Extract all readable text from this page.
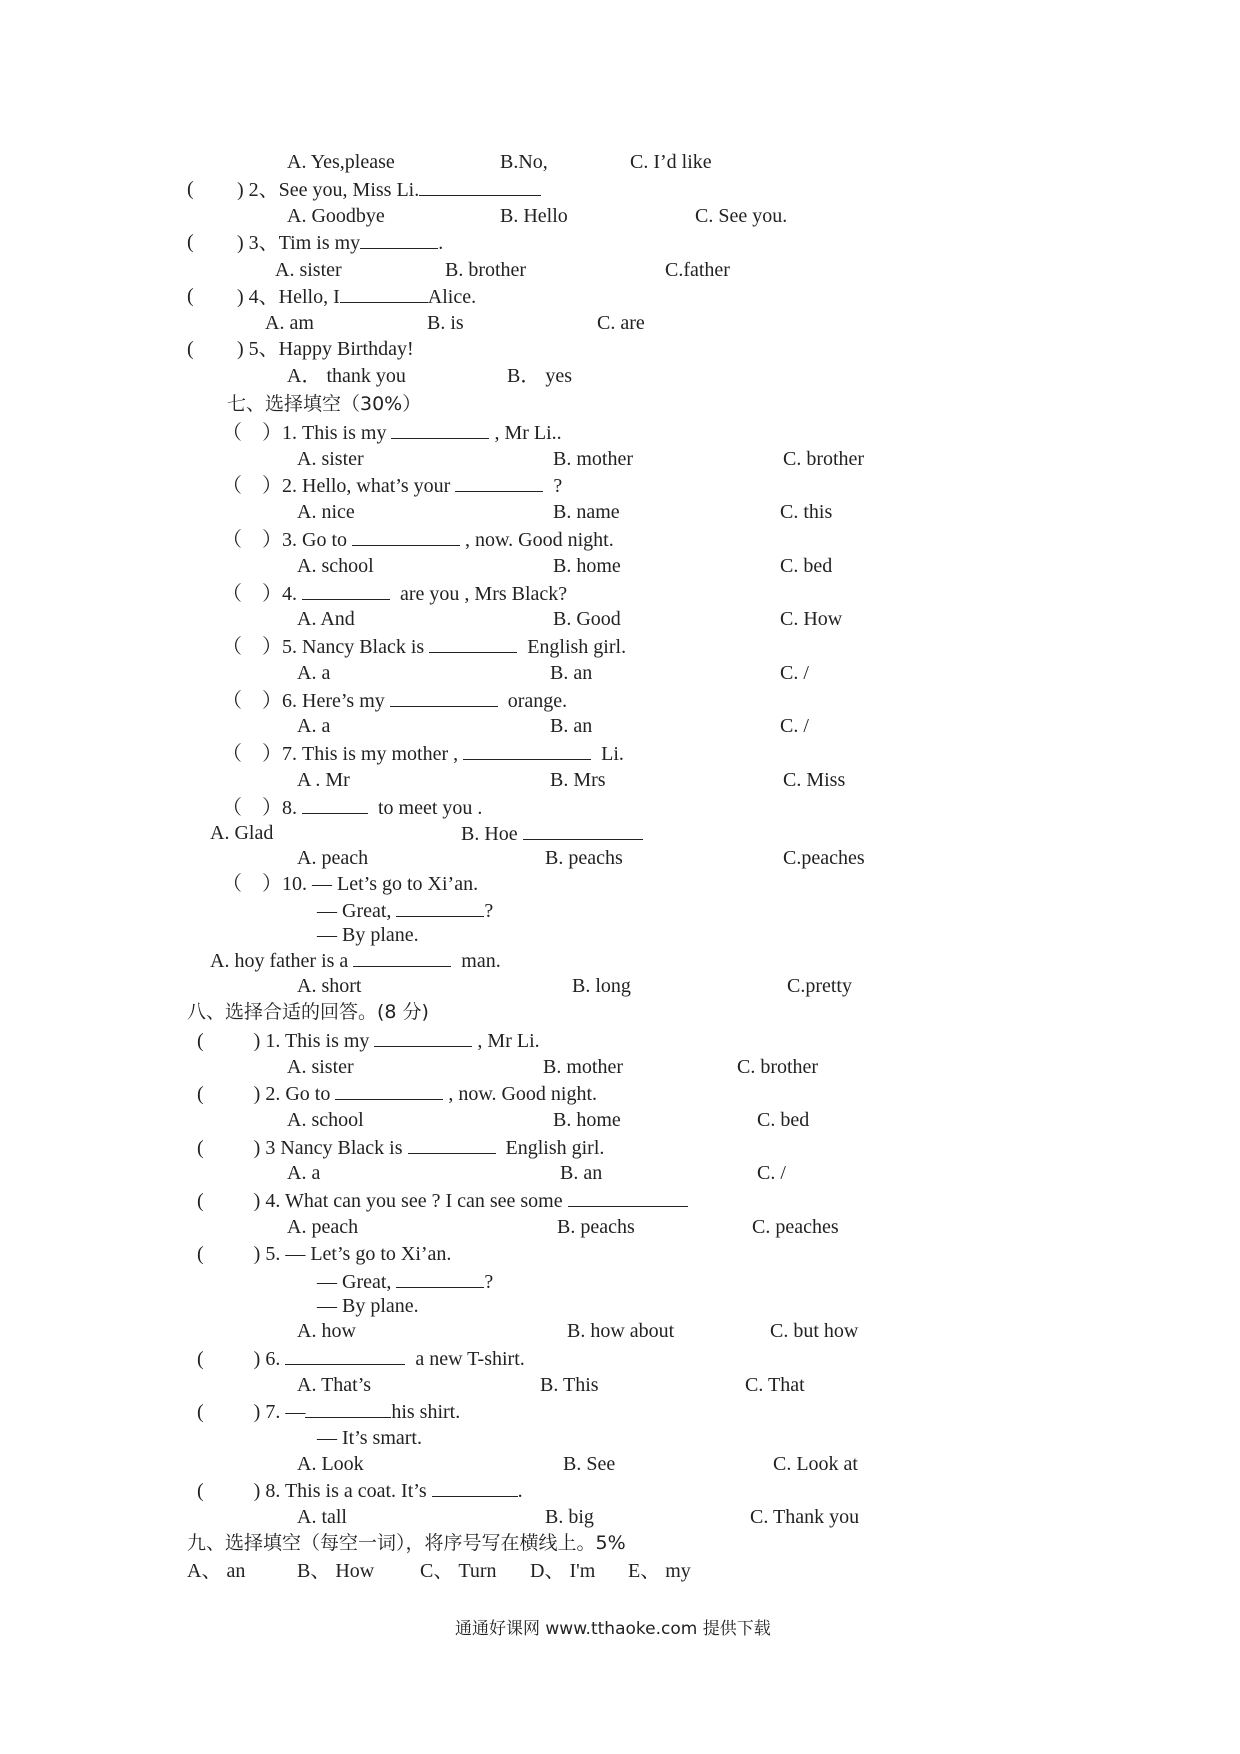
A. Yes,please	B.No,	C. I’d like
( ) 2、See you, Miss Li.
A. Goodbye	B. Hello	C. See you.
( ) 3、Tim is my	.
A. sister	B. brother	C.father
( ) 4、Hello, I	Alice.
A. am	B. is	C. are
( ) 5、Happy Birthday!
A． thank you	B． yes
七、选择填空（30%）
（    ）1. This is my	, Mr Li..
A. sister	B. mother	C. brother
（    ）2. Hello, what’s your	?
A. nice	B. name	C. this
（    ）3. Go to	, now. Good night.
A. school	B. home	C. bed
（    ）4.	are you , Mrs Black?
A. And	B. Good	C. How
（    ）5. Nancy Black is	English girl.
A. a	B. an	C. /
（    ）6. Here’s my	orange.
A. a	B. an	C. /
（    ）7. This is my mother ,	Li.
A . Mr	B. Mrs	C. Miss
（    ）8.	to meet you .
A. Glad	B. Hoe
A. peach	B. peachs	C.peaches
（    ）10. — Let’s go to Xi’an.
— Great,	?
— By plane.
A. hoy father is a	man.
A. short	B. long	C.pretty
八、选择合适的回答。(8 分)
(          ) 1. This is my	, Mr Li.
A. sister	B. mother	C. brother
(          ) 2. Go to	, now. Good night.
A. school	B. home	C. bed
(          ) 3 Nancy Black is	English girl.
A. a	B. an	C. /
(          ) 4. What can you see ? I can see some
A. peach	B. peachs	C. peaches
(          ) 5. — Let’s go to Xi’an.
— Great,	?
— By plane.
A. how	B. how about	C. but how
(          ) 6.	a new T-shirt.
A. That’s	B. This	C. That
(          ) 7. —	his shirt.
— It’s smart.
A. Look	B. See	C. Look at
(          ) 8. This is a coat. It’s	.
A. tall	B. big	C. Thank you
九、选择填空（每空一词），将序号写在横线上。5%
A、 an	B、 How C、 Turn D、 I'm E、 my
通通好课网 www.tthaoke.com 提供下载
